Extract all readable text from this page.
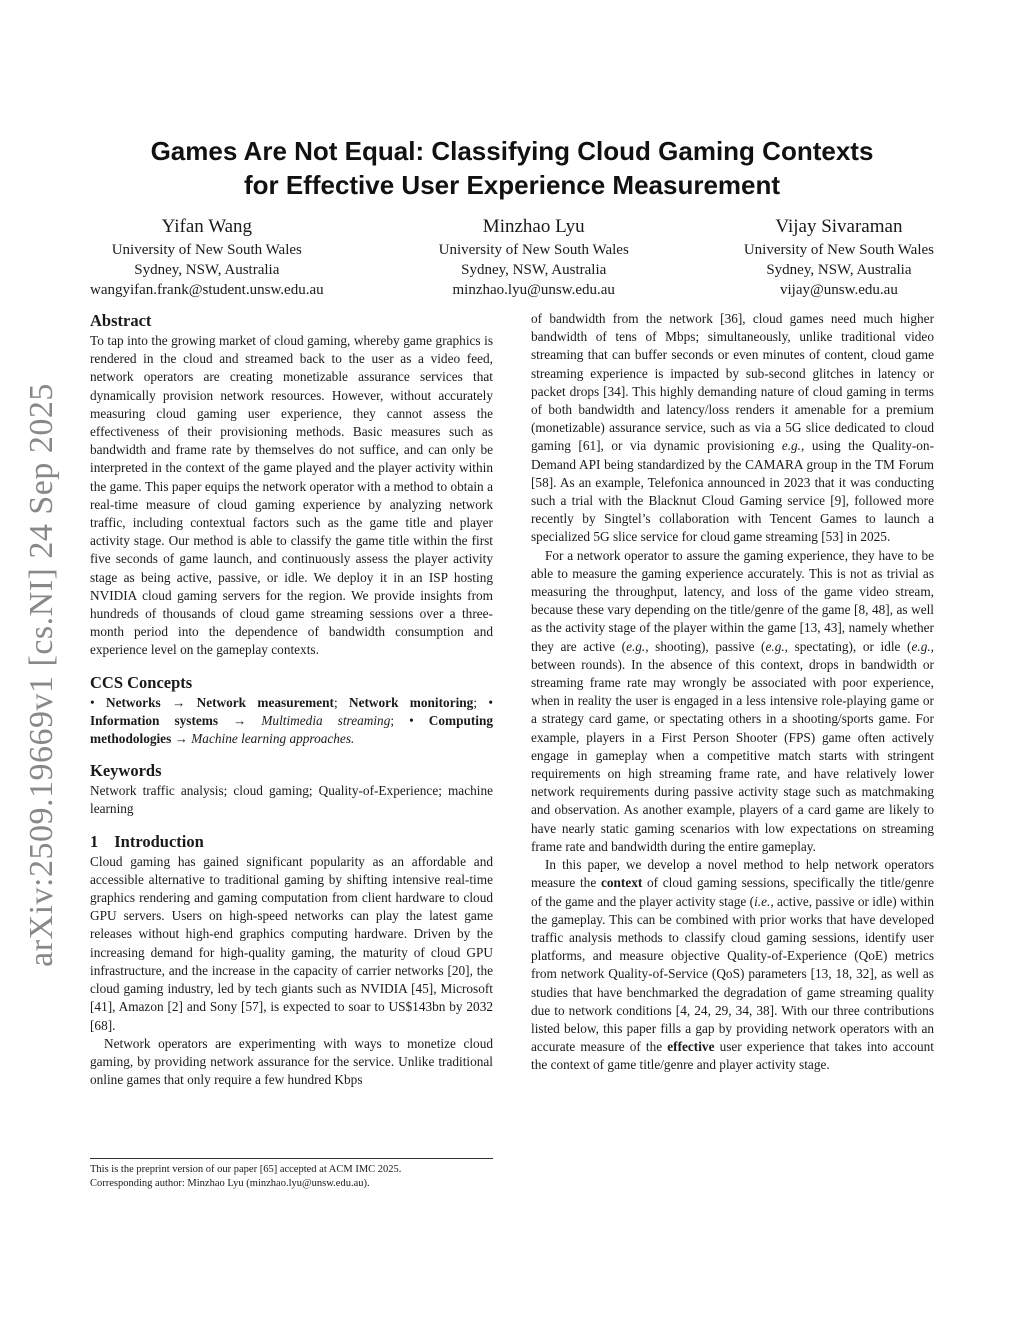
arXiv:2509.19669v1 [cs.NI] 24 Sep 2025
Games Are Not Equal: Classifying Cloud Gaming Contexts
for Effective User Experience Measurement
Yifan Wang
University of New South Wales
Sydney, NSW, Australia
wangyifan.frank@student.unsw.edu.au
Minzhao Lyu
University of New South Wales
Sydney, NSW, Australia
minzhao.lyu@unsw.edu.au
Vijay Sivaraman
University of New South Wales
Sydney, NSW, Australia
vijay@unsw.edu.au
Abstract

To tap into the growing market of cloud gaming, whereby game graphics is rendered in the cloud and streamed back to the user as a video feed, network operators are creating monetizable assurance services that dynamically provision network resources. However, without accurately measuring cloud gaming user experience, they cannot assess the effectiveness of their provisioning methods. Basic measures such as bandwidth and frame rate by themselves do not suffice, and can only be interpreted in the context of the game played and the player activity within the game. This paper equips the network operator with a method to obtain a real-time measure of cloud gaming experience by analyzing network traffic, including contextual factors such as the game title and player activity stage. Our method is able to classify the game title within the first five seconds of game launch, and continuously assess the player activity stage as being active, passive, or idle. We deploy it in an ISP hosting NVIDIA cloud gaming servers for the region. We provide insights from hundreds of thousands of cloud game streaming sessions over a three-month period into the dependence of bandwidth consumption and experience level on the gameplay contexts.

CCS Concepts

• Networks → Network measurement; Network monitoring; • Information systems → Multimedia streaming; • Computing methodologies → Machine learning approaches.

Keywords

Network traffic analysis; cloud gaming; Quality-of-Experience; machine learning

1 Introduction

Cloud gaming has gained significant popularity as an affordable and accessible alternative to traditional gaming by shifting intensive real-time graphics rendering and gaming computation from client hardware to cloud GPU servers. Users on high-speed networks can play the latest game releases without high-end graphics computing hardware. Driven by the increasing demand for high-quality gaming, the maturity of cloud GPU infrastructure, and the increase in the capacity of carrier networks [20], the cloud gaming industry, led by tech giants such as NVIDIA [45], Microsoft [41], Amazon [2] and Sony [57], is expected to soar to US$143bn by 2032 [68].

Network operators are experimenting with ways to monetize cloud gaming, by providing network assurance for the service. Unlike traditional online games that only require a few hundred Kbps

This is the preprint version of our paper [65] accepted at ACM IMC 2025.
Corresponding author: Minzhao Lyu (minzhao.lyu@unsw.edu.au).

of bandwidth from the network [36], cloud games need much higher bandwidth of tens of Mbps; simultaneously, unlike traditional video streaming that can buffer seconds or even minutes of content, cloud game streaming experience is impacted by sub-second glitches in latency or packet drops [34]. This highly demanding nature of cloud gaming in terms of both bandwidth and latency/loss renders it amenable for a premium (monetizable) assurance service, such as via a 5G slice dedicated to cloud gaming [61], or via dynamic provisioning e.g., using the Quality-on-Demand API being standardized by the CAMARA group in the TM Forum [58]. As an example, Telefonica announced in 2023 that it was conducting such a trial with the Blacknut Cloud Gaming service [9], followed more recently by Singtel’s collaboration with Tencent Games to launch a specialized 5G slice service for cloud game streaming [53] in 2025.

For a network operator to assure the gaming experience, they have to be able to measure the gaming experience accurately. This is not as trivial as measuring the throughput, latency, and loss of the game video stream, because these vary depending on the title/genre of the game [8, 48], as well as the activity stage of the player within the game [13, 43], namely whether they are active (e.g., shooting), passive (e.g., spectating), or idle (e.g., between rounds). In the absence of this context, drops in bandwidth or streaming frame rate may wrongly be associated with poor experience, when in reality the user is engaged in a less intensive role-playing game or a strategy card game, or spectating others in a shooting/sports game. For example, players in a First Person Shooter (FPS) game often actively engage in gameplay when a competitive match starts with stringent requirements on high streaming frame rate, and have relatively lower network requirements during passive activity stage such as matchmaking and observation. As another example, players of a card game are likely to have nearly static gaming scenarios with low expectations on streaming frame rate and bandwidth during the entire gameplay.

In this paper, we develop a novel method to help network operators measure the context of cloud gaming sessions, specifically the title/genre of the game and the player activity stage (i.e., active, passive or idle) within the gameplay. This can be combined with prior works that have developed traffic analysis methods to classify cloud gaming sessions, identify user platforms, and measure objective Quality-of-Experience (QoE) metrics from network Quality-of-Service (QoS) parameters [13, 18, 32], as well as studies that have benchmarked the degradation of game streaming quality due to network conditions [4, 24, 29, 34, 38]. With our three contributions listed below, this paper fills a gap by providing network operators with an accurate measure of the effective user experience that takes into account the context of game title/genre and player activity stage.
